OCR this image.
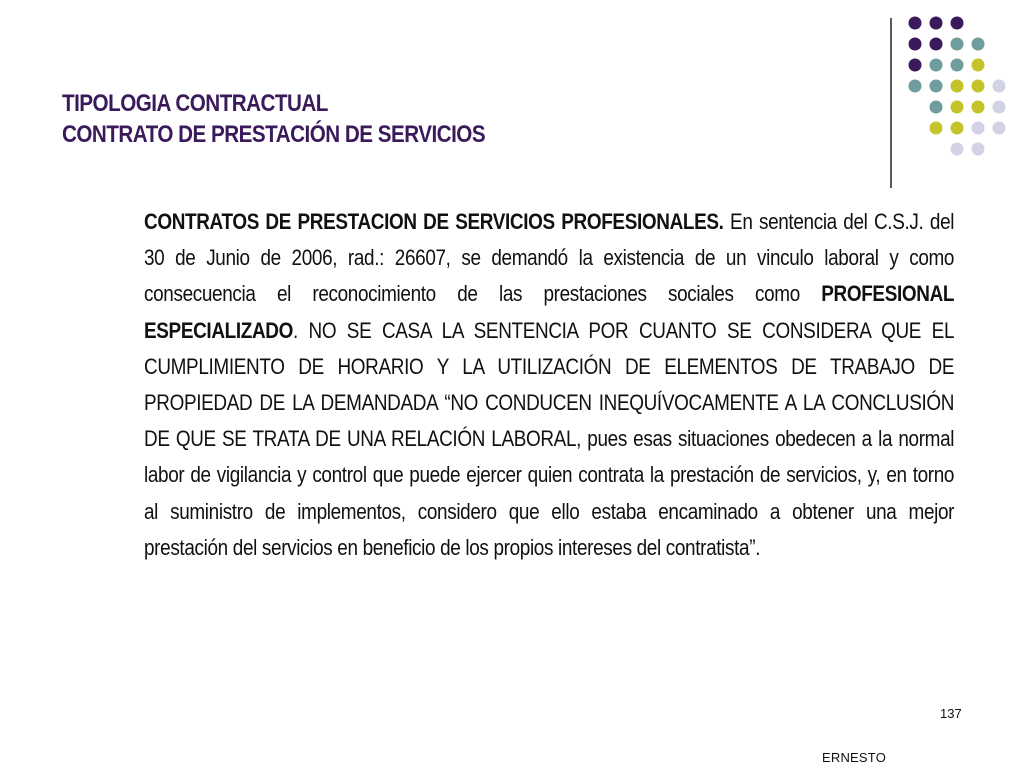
TIPOLOGIA CONTRACTUAL
CONTRATO DE PRESTACIÓN DE SERVICIOS
CONTRATOS DE PRESTACION DE SERVICIOS PROFESIONALES. En sentencia del C.S.J. del 30 de Junio de 2006, rad.: 26607, se demandó la existencia de un vinculo laboral y como consecuencia el reconocimiento de las prestaciones sociales como PROFESIONAL ESPECIALIZADO. NO SE CASA LA SENTENCIA POR CUANTO SE CONSIDERA QUE EL CUMPLIMIENTO DE HORARIO Y LA UTILIZACIÓN DE ELEMENTOS DE TRABAJO DE PROPIEDAD DE LA DEMANDADA “NO CONDUCEN INEQUÍVOCAMENTE A LA CONCLUSIÓN DE QUE SE TRATA DE UNA RELACIÓN LABORAL, pues esas situaciones obedecen a la normal labor de vigilancia y control que puede ejercer quien contrata la prestación de servicios, y, en torno al suministro de implementos, considero que ello estaba encaminado a obtener una mejor prestación del servicios en beneficio de los propios intereses del contratista”.
137
ERNESTO
